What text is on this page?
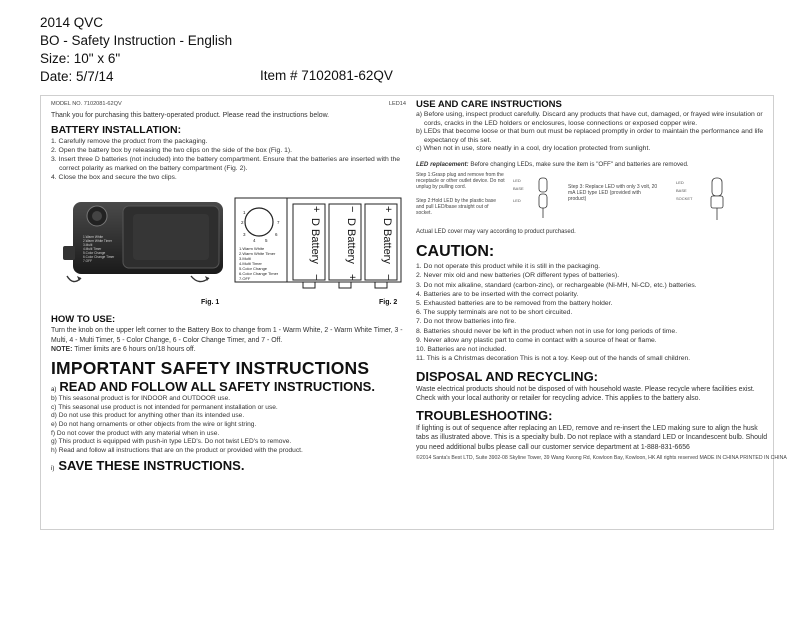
2014 QVC
BO - Safety Instruction - English
Size: 10" x 6"
Date: 5/7/14	Item # 7102081-62QV
MODEL NO. 7102081-62QV	LED14

Thank you for purchasing this battery-operated product. Please read the instructions below.

BATTERY INSTALLATION:
1. Carefully remove the product from the packaging.
2. Open the battery box by releasing the two clips on the side of the box (Fig. 1).
3. Insert three D batteries (not included) into the battery compartment. Ensure that the batteries are inserted with the correct polarity as marked on the battery compartment (Fig. 2).
4. Close the box and secure the two clips.
1.Warm White
2.Warm White Timer
3.Multi
4.Multi Timer
5.Color Change
6.Color Change Timer
7.OFF
1
2
3
4 5
6
7
1.Warm White
2.Warm White Timer
3.Multi
4.Multi Timer
5.Color Change
6.Color Change Timer
7.OFF
+
D Battery
−
−
D Battery
+
+
D Battery
−
Fig. 1	Fig. 2
HOW TO USE:

Turn the knob on the upper left corner to the Battery Box to change from 1 - Warm White, 2 - Warm White Timer, 3 - Multi, 4 - Multi Timer, 5 - Color Change, 6 - Color Change Timer, and 7 - Off.

NOTE: Timer limits are 6 hours on/18 hours off.

IMPORTANT SAFETY INSTRUCTIONS
a) READ AND FOLLOW ALL SAFETY INSTRUCTIONS.
b) This seasonal product is for INDOOR and OUTDOOR use.
c) This seasonal use product is not intended for permanent installation or use.
d) Do not use this product for anything other than its intended use.
e) Do not hang ornaments or other objects from the wire or light string.
f) Do not cover the product with any material when in use.
g) This product is equipped with push-in type LED's. Do not twist LED's to remove.
h) Read and follow all instructions that are on the product or provided with the product.
i) SAVE THESE INSTRUCTIONS.
USE AND CARE INSTRUCTIONS
a) Before using, inspect product carefully. Discard any products that have cut, damaged, or frayed wire insulation or cords, cracks in the LED holders or enclosures, loose connections or exposed copper wire.
b) LEDs that become loose or that burn out must be replaced promptly in order to maintain the performance and life expectancy of this set.
c) When not in use, store neatly in a cool, dry location protected from sunlight.
LED replacement: Before changing LEDs, make sure the item is "OFF" and batteries are removed.
Step 1:Grasp plug and remove from the receptacle or other outlet device. Do not unplug by pulling cord.
Step 2:Hold LED by the plastic base and pull LED/base straight out of socket.
LED
BASE
LED
Step 3: Replace LED with only 3 volt, 20 mA LED type LED (provided with product)
LED
BASE
SOCKET

Actual LED cover may vary according to product purchased.

CAUTION:
1. Do not operate this product while it is still in the packaging.
2. Never mix old and new batteries (OR different types of batteries).
3. Do not mix alkaline, standard (carbon-zinc), or rechargeable (Ni-MH, Ni-CD, etc.) batteries.
4. Batteries are to be inserted with the correct polarity.
5. Exhausted batteries are to be removed from the battery holder.
6. The supply terminals are not to be short circuited.
7. Do not throw batteries into fire.
8. Batteries should never be left in the product when not in use for long periods of time.
9. Never allow any plastic part to come in contact with a source of heat or flame.
10. Batteries are not included.
11. This is a Christmas decoration This is not a toy. Keep out of the hands of small children.
DISPOSAL AND RECYCLING:

Waste electrical products should not be disposed of with household waste. Please recycle where facilities exist. Check with your local authority or retailer for recycling advice. This applies to the battery also.

TROUBLESHOOTING:

If lighting is out of sequence after replacing an LED, remove and re-insert the LED making sure to align the husk tabs as illustrated above. This is a specialty bulb. Do not replace with a standard LED or Incandescent bulb. Should you need additional bulbs please call our customer service department at 1-888-831-6656

©2014 Santa's Best LTD, Suite 3902-08 Skyline Tower, 39 Wang Kwong Rd, Kowloon Bay, Kowloon, HK All rights reserved MADE IN CHINA PRINTED IN CHINA
